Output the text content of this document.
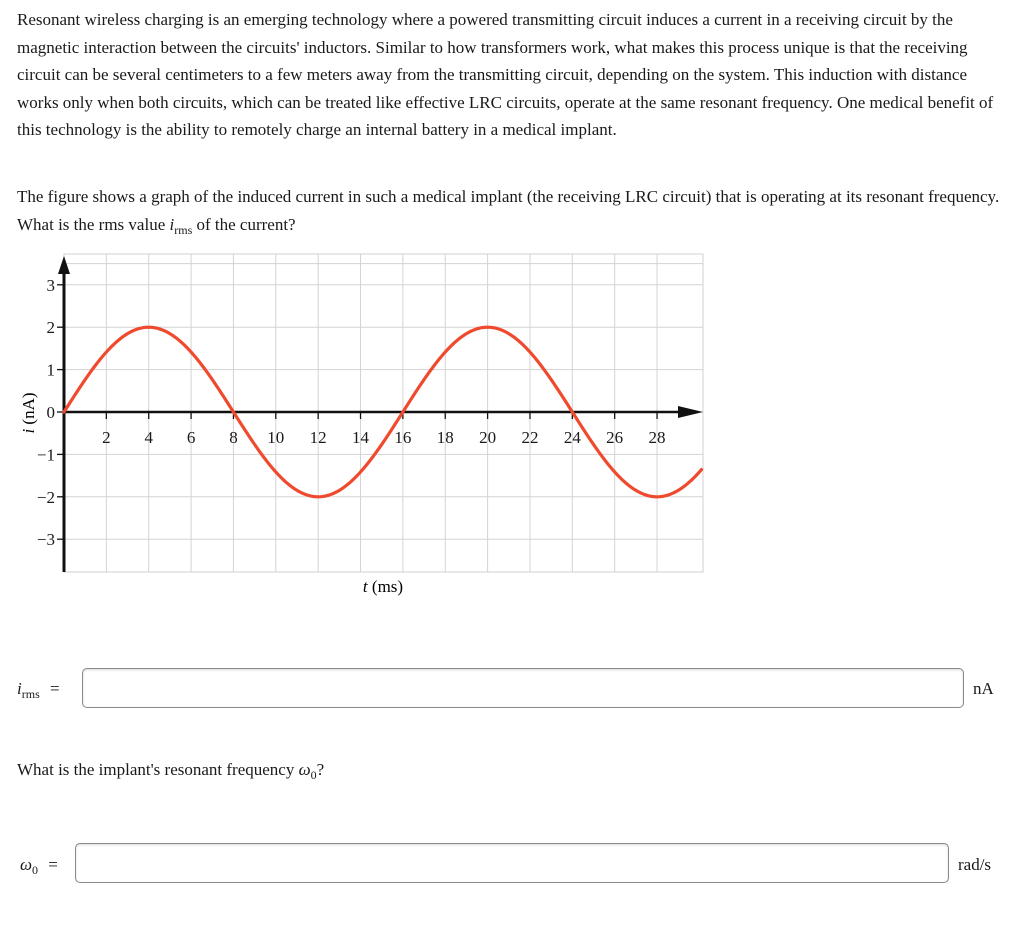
Resonant wireless charging is an emerging technology where a powered transmitting circuit induces a current in a receiving circuit by the magnetic interaction between the circuits' inductors. Similar to how transformers work, what makes this process unique is that the receiving circuit can be several centimeters to a few meters away from the transmitting circuit, depending on the system. This induction with distance works only when both circuits, which can be treated like effective LRC circuits, operate at the same resonant frequency. One medical benefit of this technology is the ability to remotely charge an internal battery in a medical implant.

The figure shows a graph of the induced current in such a medical implant (the receiving LRC circuit) that is operating at its resonant frequency. What is the rms value $i_{rms}$ of the current?

2 4 6 8 10 12 14 16 18 20 22 24 26 28
3
2
1
0
−1
−2
−3
t (ms)
i (nA)
$i_{rms}$ =	nA

What is the implant's resonant frequency $\omega_0$?

$\omega_0$ =	rad/s
